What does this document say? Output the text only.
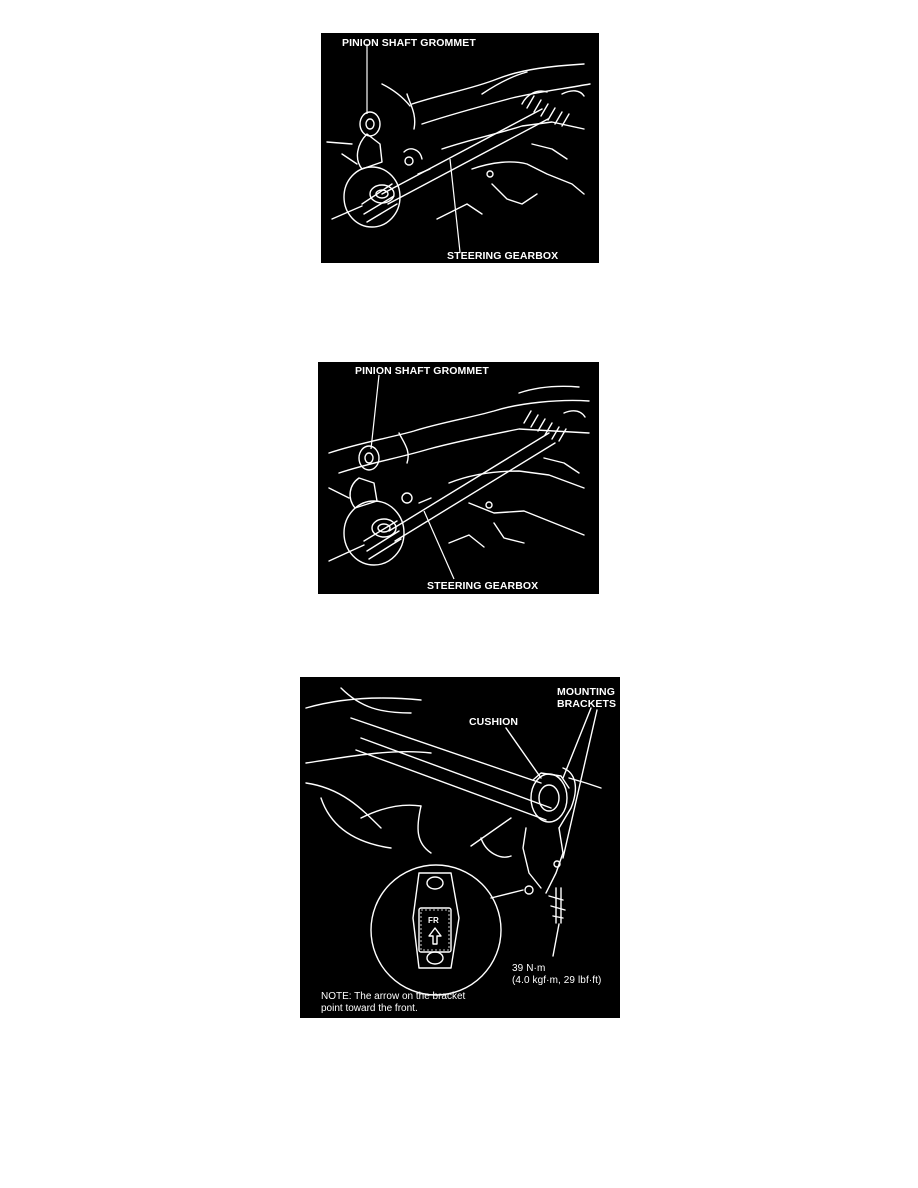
PINION SHAFT GROMMET
STEERING GEARBOX
PINION SHAFT GROMMET
STEERING GEARBOX
MOUNTING
BRACKETS
CUSHION
FR
39 N·m
(4.0 kgf·m, 29 lbf·ft)
NOTE: The arrow on the bracket
point toward the front.
